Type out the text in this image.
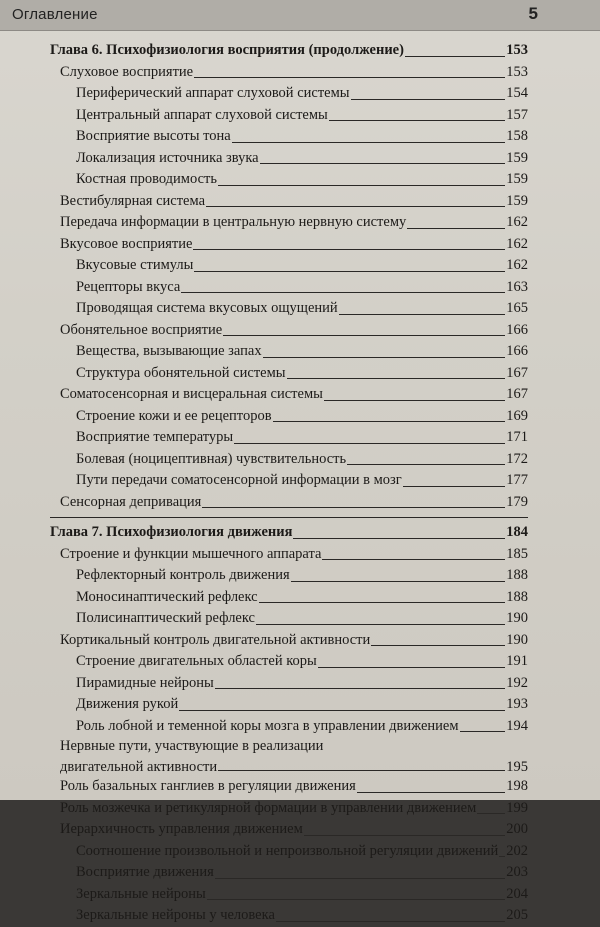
Оглавление	5
Глава 6. Психофизиология восприятия (продолжение)	153
Слуховое восприятие	153
Периферический аппарат слуховой системы	154
Центральный аппарат слуховой системы	157
Восприятие высоты тона	158
Локализация источника звука	159
Костная проводимость	159
Вестибулярная система	159
Передача информации в центральную нервную систему	162
Вкусовое восприятие	162
Вкусовые стимулы	162
Рецепторы вкуса	163
Проводящая система вкусовых ощущений	165
Обонятельное восприятие	166
Вещества, вызывающие запах	166
Структура обонятельной системы	167
Соматосенсорная и висцеральная системы	167
Строение кожи и ее рецепторов	169
Восприятие температуры	171
Болевая (ноцицептивная) чувствительность	172
Пути передачи соматосенсорной информации в мозг	177
Сенсорная депривация	179
Глава 7. Психофизиология движения	184
Строение и функции мышечного аппарата	185
Рефлекторный контроль движения	188
Моносинаптический рефлекс	188
Полисинаптический рефлекс	190
Кортикальный контроль двигательной активности	190
Строение двигательных областей коры	191
Пирамидные нейроны	192
Движения рукой	193
Роль лобной и теменной коры мозга в управлении движением	194
Нервные пути, участвующие в реализации
двигательной активности	195
Роль базальных ганглиев в регуляции движения	198
Роль мозжечка и ретикулярной формации в управлении движением 199
Иерархичность управления движением	200
Соотношение произвольной и непроизвольной регуляции движений 202
Восприятие движения	203
Зеркальные нейроны	204
Зеркальные нейроны у человека	205
